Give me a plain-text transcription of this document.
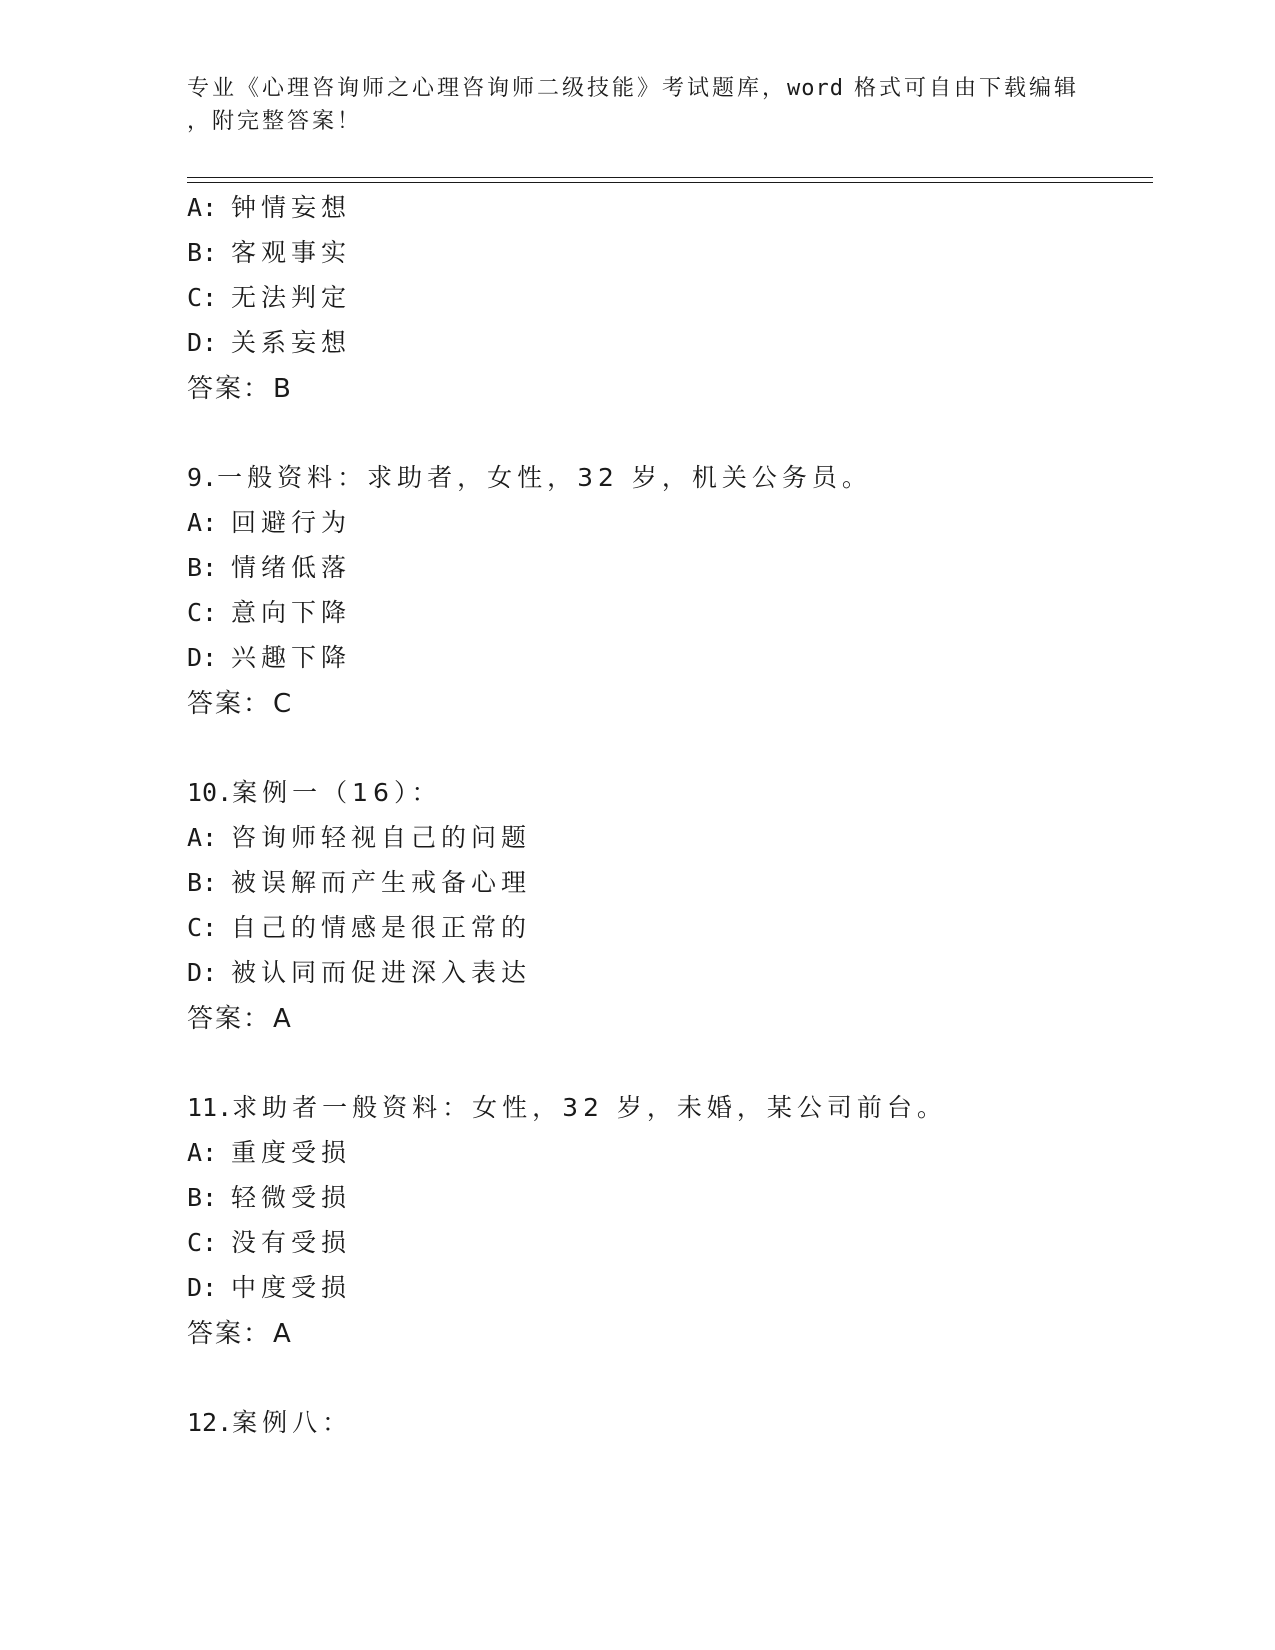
专业《心理咨询师之心理咨询师二级技能》考试题库，word 格式可自由下载编辑
，附完整答案！
A: 钟情妄想
B: 客观事实
C: 无法判定
D: 关系妄想
答案：B
9.一般资料：求助者，女性，32 岁，机关公务员。
A: 回避行为
B: 情绪低落
C: 意向下降
D: 兴趣下降
答案：C
10.案例一（16）：
A: 咨询师轻视自己的问题
B: 被误解而产生戒备心理
C: 自己的情感是很正常的
D: 被认同而促进深入表达
答案：A
11.求助者一般资料：女性，32 岁，未婚，某公司前台。
A: 重度受损
B: 轻微受损
C: 没有受损
D: 中度受损
答案：A
12.案例八：
